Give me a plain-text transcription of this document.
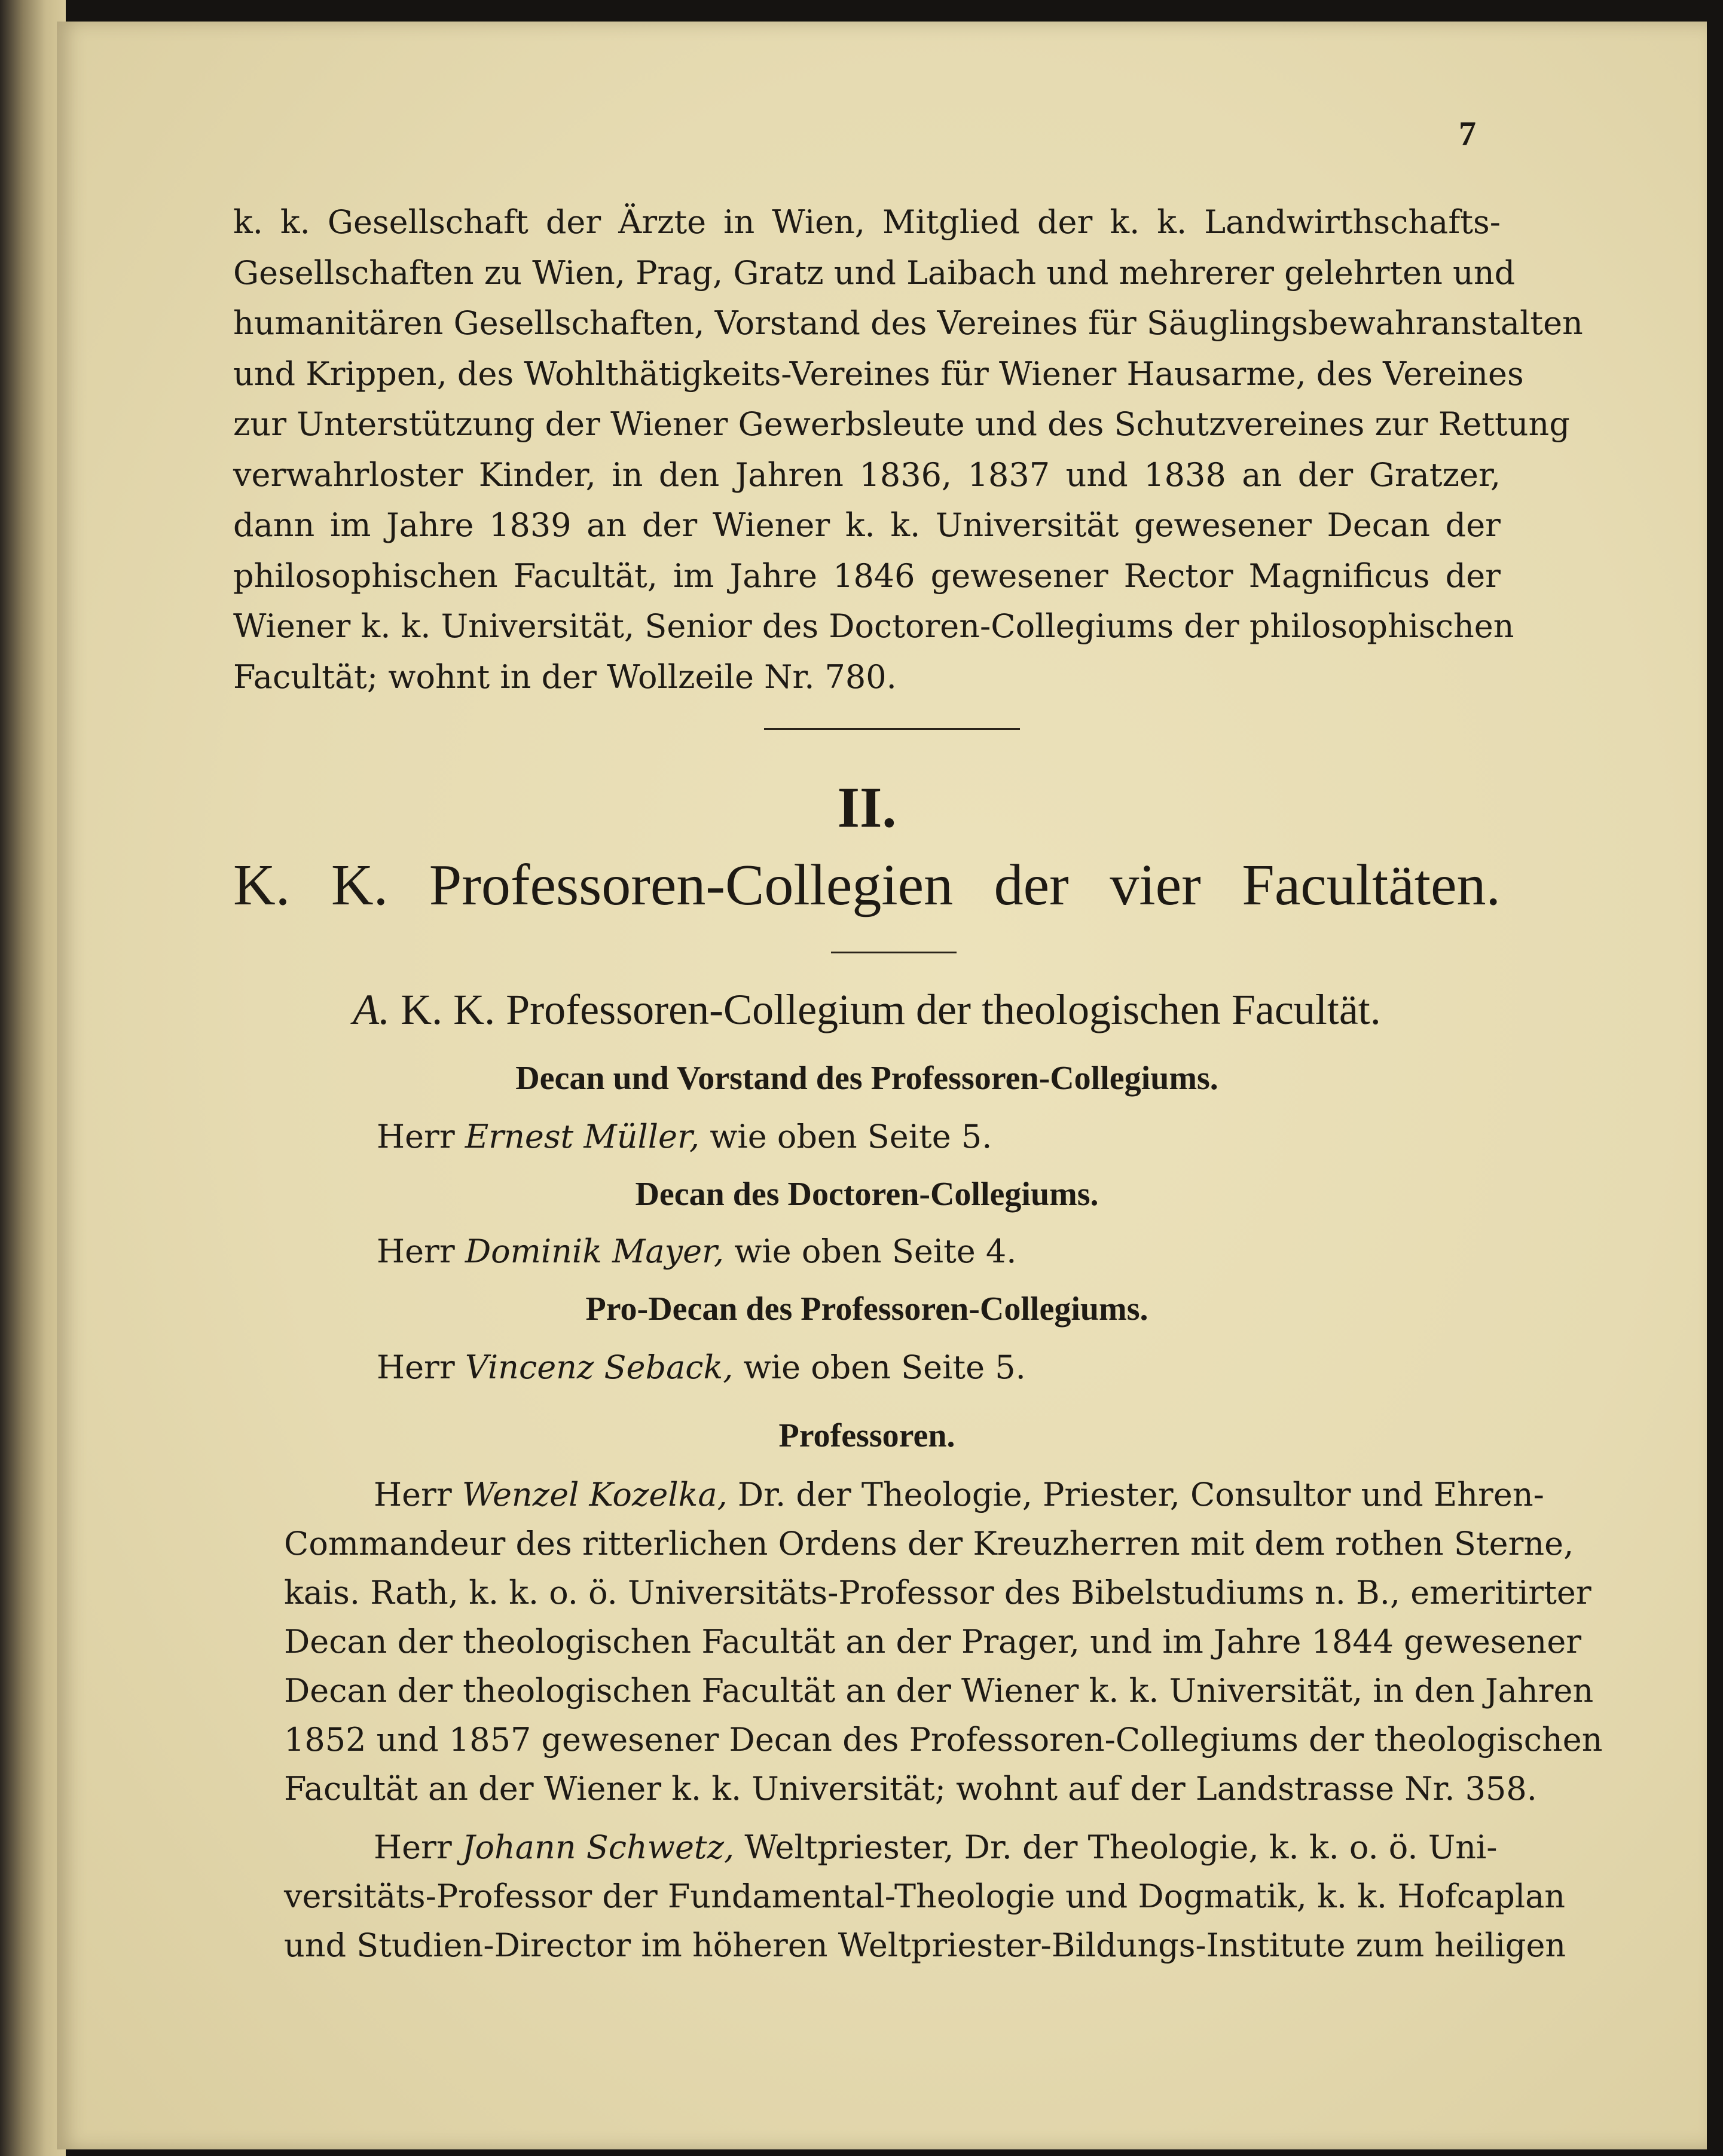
7
k. k. Gesellschaft der Ärzte in Wien, Mitglied der k. k. Landwirthschafts-
Gesellschaften zu Wien, Prag, Gratz und Laibach und mehrerer gelehrten und
humanitären Gesellschaften, Vorstand des Vereines für Säuglingsbewahranstalten
und Krippen, des Wohlthätigkeits-Vereines für Wiener Hausarme, des Vereines
zur Unterstützung der Wiener Gewerbsleute und des Schutzvereines zur Rettung
verwahrloster Kinder, in den Jahren 1836, 1837 und 1838 an der Gratzer,
dann im Jahre 1839 an der Wiener k. k. Universität gewesener Decan der
philosophischen Facultät, im Jahre 1846 gewesener Rector Magnificus der
Wiener k. k. Universität, Senior des Doctoren-Collegiums der philosophischen
Facultät; wohnt in der Wollzeile Nr. 780.
II.
K. K. Professoren-Collegien der vier Facultäten.
A. K. K. Professoren-Collegium der theologischen Facultät.
Decan und Vorstand des Professoren-Collegiums.
Herr Ernest Müller, wie oben Seite 5.
Decan des Doctoren-Collegiums.
Herr Dominik Mayer, wie oben Seite 4.
Pro-Decan des Professoren-Collegiums.
Herr Vincenz Seback, wie oben Seite 5.
Professoren.
Herr Wenzel Kozelka, Dr. der Theologie, Priester, Consultor und Ehren-
Commandeur des ritterlichen Ordens der Kreuzherren mit dem rothen Sterne,
kais. Rath, k. k. o. ö. Universitäts-Professor des Bibelstudiums n. B., emeritirter
Decan der theologischen Facultät an der Prager, und im Jahre 1844 gewesener
Decan der theologischen Facultät an der Wiener k. k. Universität, in den Jahren
1852 und 1857 gewesener Decan des Professoren-Collegiums der theologischen
Facultät an der Wiener k. k. Universität; wohnt auf der Landstrasse Nr. 358.
Herr Johann Schwetz, Weltpriester, Dr. der Theologie, k. k. o. ö. Uni-
versitäts-Professor der Fundamental-Theologie und Dogmatik, k. k. Hofcaplan
und Studien-Director im höheren Weltpriester-Bildungs-Institute zum heiligen
